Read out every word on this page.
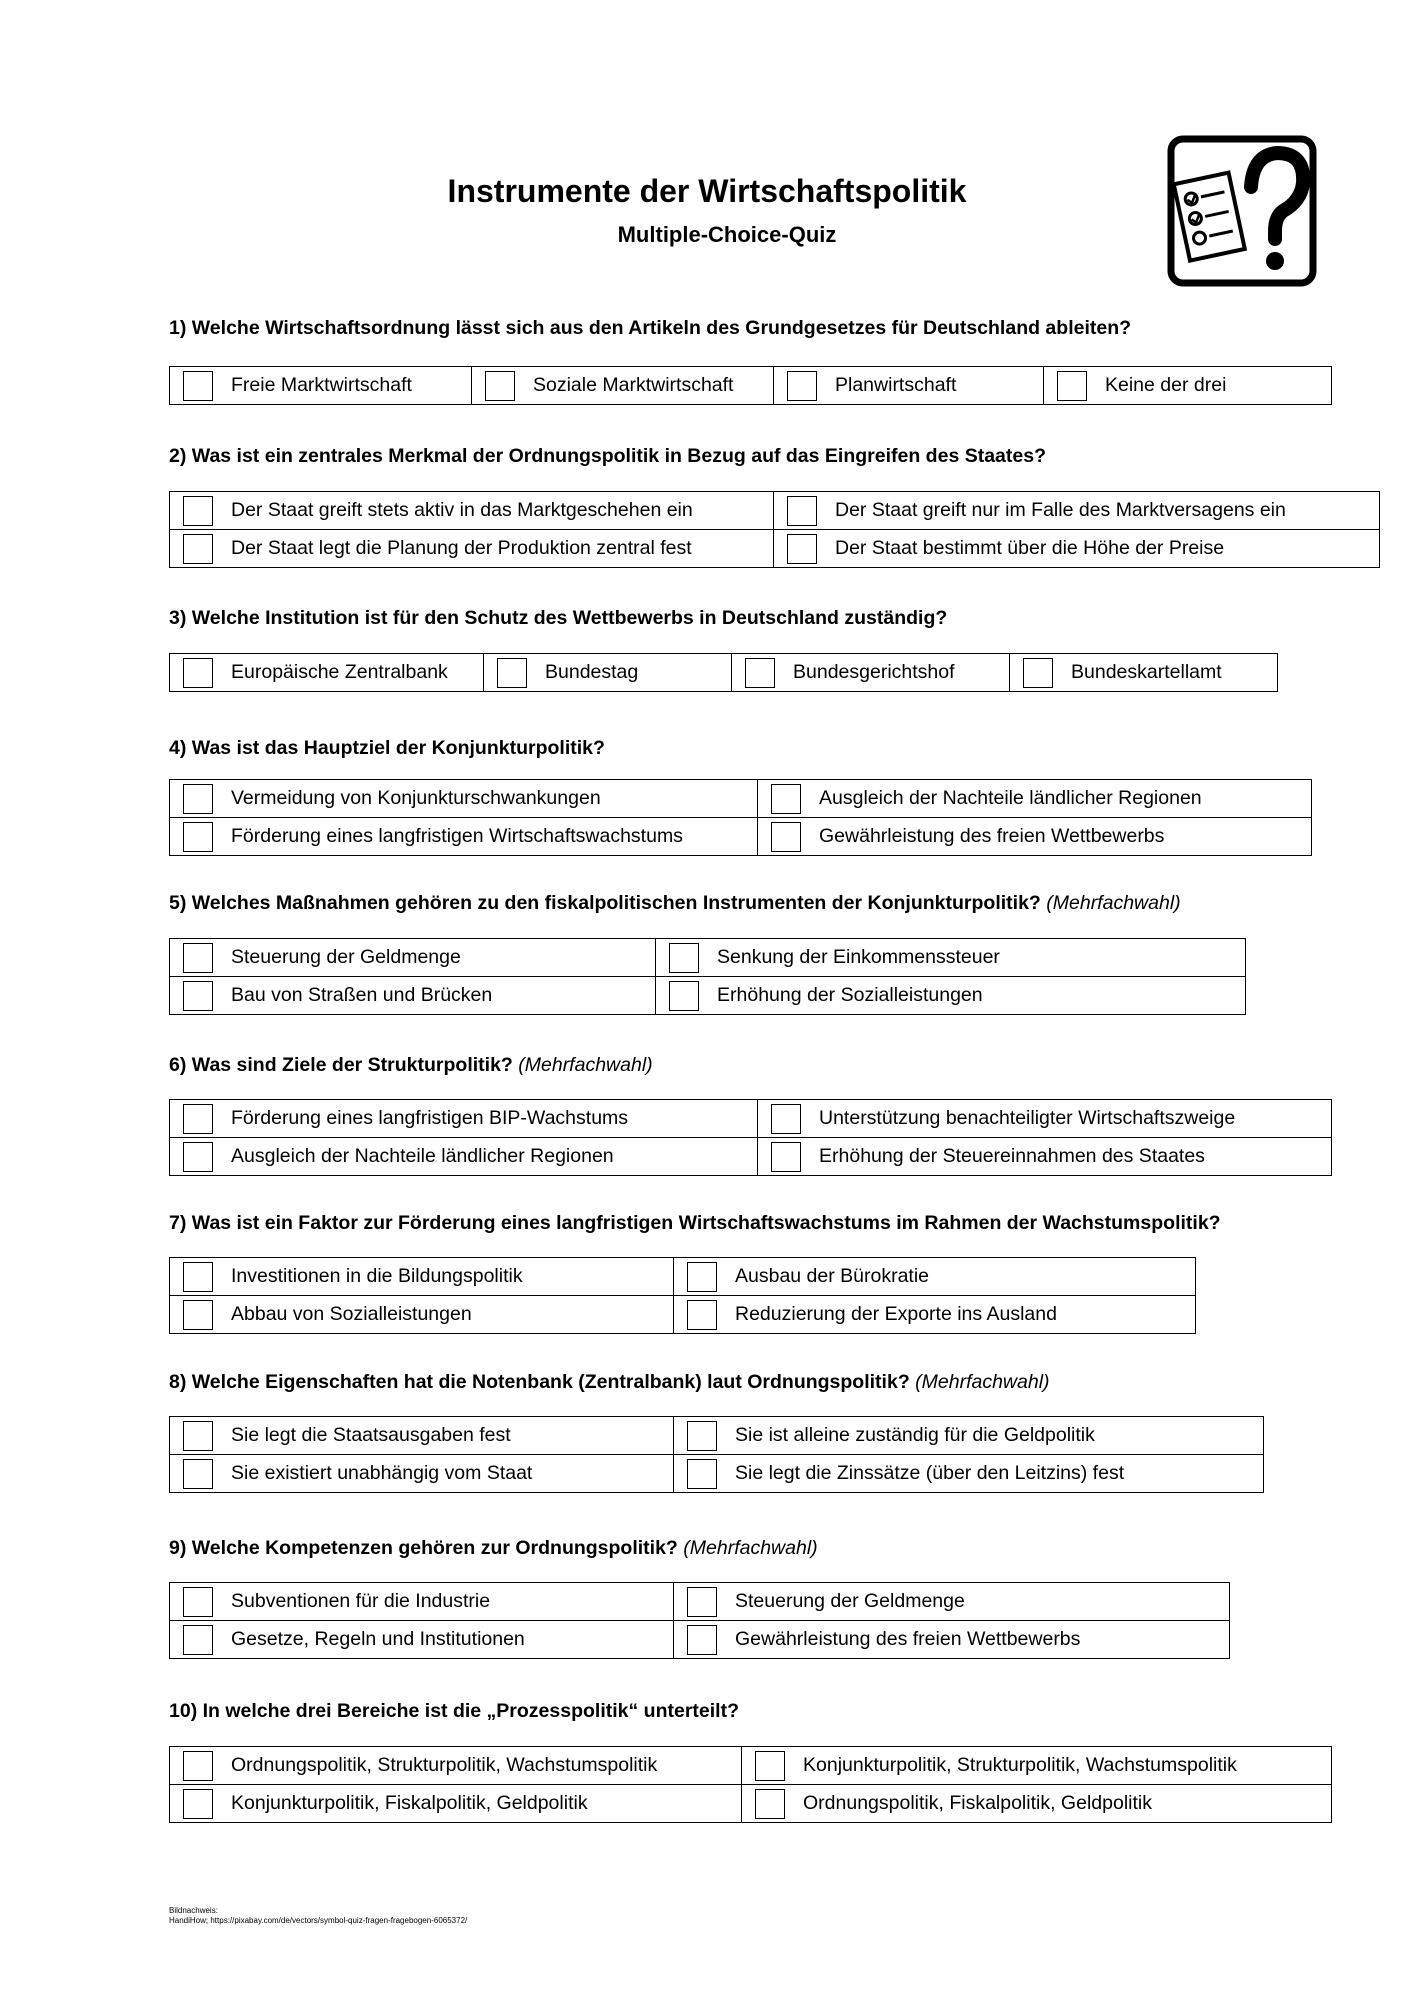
Instrumente der Wirtschaftspolitik
Multiple-Choice-Quiz

1) Welche Wirtschaftsordnung lässt sich aus den Artikeln des Grundgesetzes für Deutschland ableiten?

Freie Marktwirtschaft	Soziale Marktwirtschaft	Planwirtschaft	Keine der drei

2) Was ist ein zentrales Merkmal der Ordnungspolitik in Bezug auf das Eingreifen des Staates?

Der Staat greift stets aktiv in das Marktgeschehen ein	Der Staat greift nur im Falle des Marktversagens ein

Der Staat legt die Planung der Produktion zentral fest	Der Staat bestimmt über die Höhe der Preise

3) Welche Institution ist für den Schutz des Wettbewerbs in Deutschland zuständig?

Europäische Zentralbank	Bundestag	Bundesgerichtshof	Bundeskartellamt

4) Was ist das Hauptziel der Konjunkturpolitik?

Vermeidung von Konjunkturschwankungen	Ausgleich der Nachteile ländlicher Regionen

Förderung eines langfristigen Wirtschaftswachstums	Gewährleistung des freien Wettbewerbs

5) Welches Maßnahmen gehören zu den fiskalpolitischen Instrumenten der Konjunkturpolitik? (Mehrfachwahl)

Steuerung der Geldmenge	Senkung der Einkommenssteuer

Bau von Straßen und Brücken	Erhöhung der Sozialleistungen

6) Was sind Ziele der Strukturpolitik? (Mehrfachwahl)

Förderung eines langfristigen BIP-Wachstums	Unterstützung benachteiligter Wirtschaftszweige

Ausgleich der Nachteile ländlicher Regionen	Erhöhung der Steuereinnahmen des Staates

7) Was ist ein Faktor zur Förderung eines langfristigen Wirtschaftswachstums im Rahmen der Wachstumspolitik?

Investitionen in die Bildungspolitik	Ausbau der Bürokratie

Abbau von Sozialleistungen	Reduzierung der Exporte ins Ausland

8) Welche Eigenschaften hat die Notenbank (Zentralbank) laut Ordnungspolitik? (Mehrfachwahl)

Sie legt die Staatsausgaben fest	Sie ist alleine zuständig für die Geldpolitik

Sie existiert unabhängig vom Staat	Sie legt die Zinssätze (über den Leitzins) fest

9) Welche Kompetenzen gehören zur Ordnungspolitik? (Mehrfachwahl)

Subventionen für die Industrie	Steuerung der Geldmenge

Gesetze, Regeln und Institutionen	Gewährleistung des freien Wettbewerbs

10) In welche drei Bereiche ist die „Prozesspolitik“ unterteilt?

Ordnungspolitik, Strukturpolitik, Wachstumspolitik	Konjunkturpolitik, Strukturpolitik, Wachstumspolitik

Konjunkturpolitik, Fiskalpolitik, Geldpolitik	Ordnungspolitik, Fiskalpolitik, Geldpolitik
Bildnachweis:
HandiHow; https://pixabay.com/de/vectors/symbol-quiz-fragen-fragebogen-6065372/
